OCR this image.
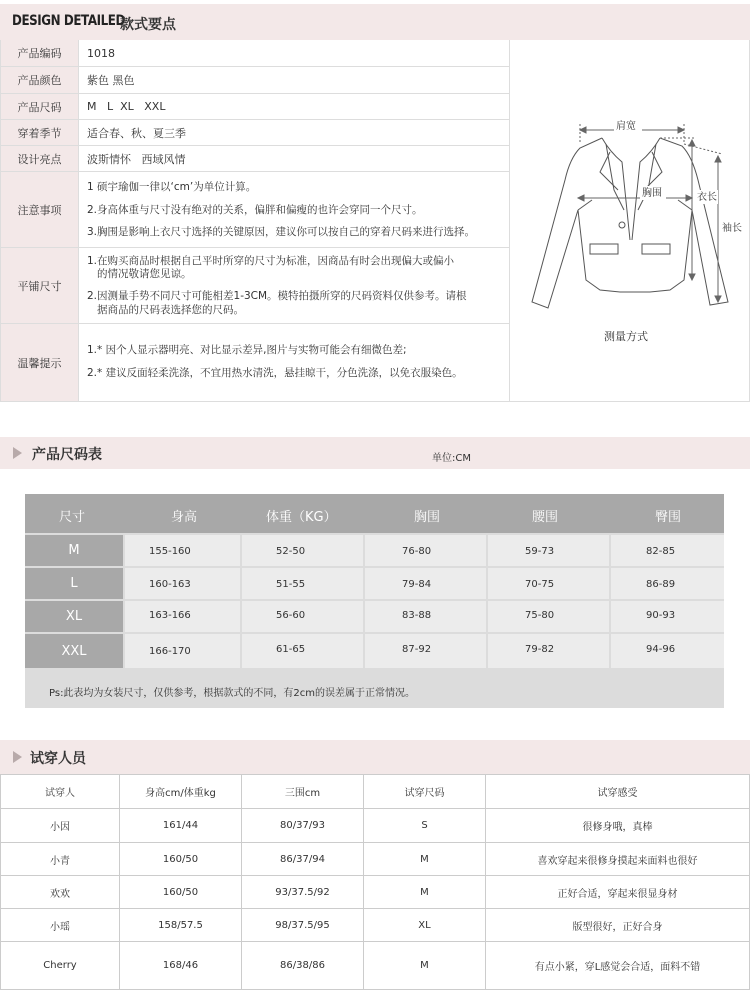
DESIGN DETAILED
款式要点
产品编码	1018
产品颜色	紫色 黑色
产品尺码	M   L  XL   XXL
穿着季节	适合春、秋、夏三季
设计亮点	波斯情怀   西域风情
注意事项
1 硕宇瑜伽一律以‘cm’为单位计算。
2.身高体重与尺寸没有绝对的关系，偏胖和偏瘦的也许会穿同一个尺寸。
3.胸围是影响上衣尺寸选择的关键原因，建议你可以按自己的穿着尺码来进行选择。
平铺尺寸
1.在购买商品时根据自己平时所穿的尺寸为标准，因商品有时会出现偏大或偏小
的情况敬请您见谅。
2.因测量手势不同尺寸可能相差1-3CM。模特拍摄所穿的尺码资料仅供参考。请根
据商品的尺码表选择您的尺码。
温馨提示
1.* 因个人显示器明亮、对比显示差异,图片与实物可能会有细微色差;
2.* 建议反面轻柔洗涤，不宜用热水清洗，悬挂晾干，分色洗涤，以免衣服染色。
肩宽
胸围	衣长
袖长
测量方式
产品尺码表	单位:CM
尺寸	身高	体重（KG）	胸围	腰围	臀围
M	155-160	52-50	76-80	59-73	82-85
L	160-163	51-55	79-84	70-75	86-89
XL	163-166	56-60	83-88	75-80	90-93
XXL	166-170	61-65	87-92	79-82	94-96
Ps:此表均为女装尺寸，仅供参考，根据款式的不同，有2cm的误差属于正常情况。
试穿人员
试穿人	身高cm/体重kg	三围cm	试穿尺码	试穿感受
小因	161/44	80/37/93	S	很修身哦，真棒
小青	160/50	86/37/94	M	喜欢穿起来很修身摸起来面料也很好
欢欢	160/50	93/37.5/92	M	正好合适，穿起来很显身材
小瑶	158/57.5	98/37.5/95	XL	版型很好，正好合身
Cherry	168/46	86/38/86	M	有点小紧，穿L感觉会合适，面料不错
